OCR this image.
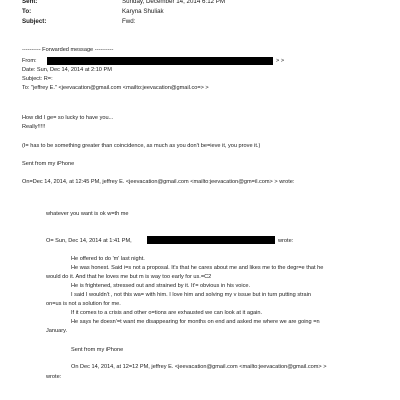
Sent:	Sunday, December 14, 2014 6:12 PM
To:	Karyna Shuliak
Subject:	Fwd:
---------- Forwarded message ----------
From:	> >
Date: Sun, Dec 14, 2014 at 2:10 PM
Subject: R=:
To: "jeffrey E." <jeevacation@gmail.com <mailto:jeevacation@gmail.co=> >
How did I ge= so lucky to have you...
Really!!!!!
(I= has to be something greater than coincidence, as much as you don't be=ieve it, you prove it.)
Sent from my iPhone
On=Dec 14, 2014, at 12:45 PM, jeffrey E. <jeevacation@gmail.com <mailto:jeevacation@gm=il.com> > wrote:
whatever you want is ok w=th me
O= Sun, Dec 14, 2014 at 1:41 PM,	wrote:
He offered to do 'm' last night.
He was honest. Said i=s not a proposal. It's that he cares about me and likes me to the degr=e that he
would do it. And that he loves me but m is way too early for us.=C2
He is frightened, stressed out and strained by it. It'= obvious in his voice.
I said I wouldn't , not this wa= with him. I love him and solving my v issue but in turn putting strain
on=us is not a solution for me.
If it comes to a crisis and other o=tions are exhausted we can look at it again.
He says he doesn'=t want me disappearing for months on end and asked me where we are going =n
January.
Sent from my iPhone
On Dec 14, 2014, at 12=12 PM, jeffrey E. <jeevacation@gmail.com <mailto:jeevacation@gmail.com> >
wrote:
